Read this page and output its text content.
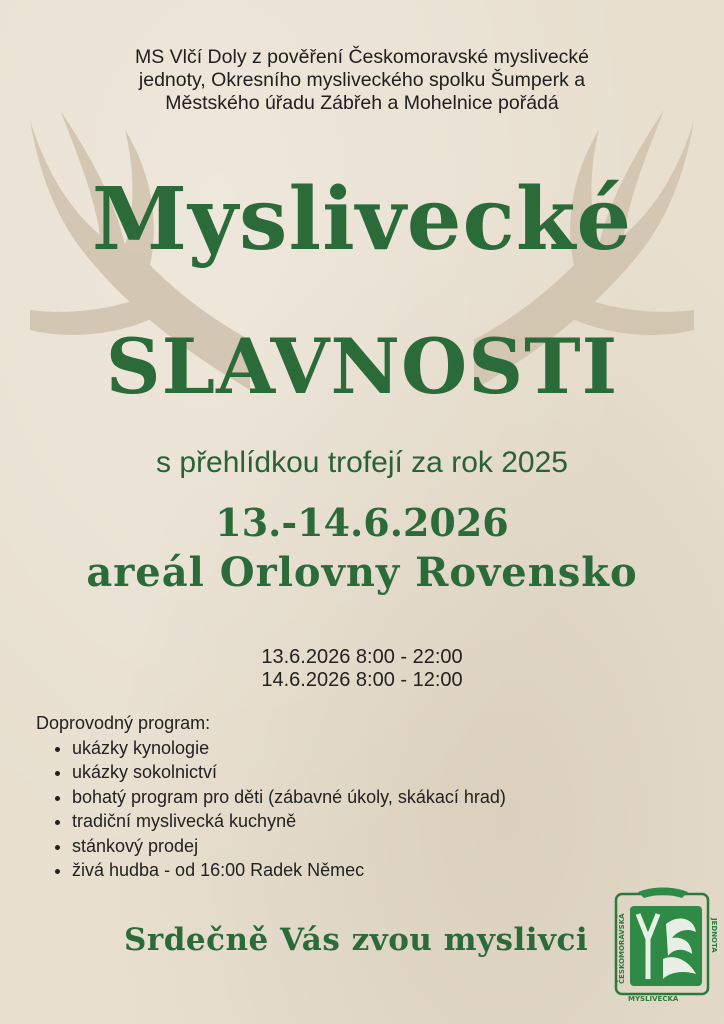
MS Vlčí Doly z pověření Českomoravské myslivecké
jednoty, Okresního mysliveckého spolku Šumperk a
Městského úřadu Zábřeh a Mohelnice pořádá
Myslivecké
SLAVNOSTI
s přehlídkou trofejí za rok 2025
13.-14.6.2026
areál Orlovny Rovensko
13.6.2026 8:00 - 22:00
14.6.2026 8:00 - 12:00
Doprovodný program:
• ukázky kynologie
• ukázky sokolnictví
• bohatý program pro děti (zábavné úkoly, skákací hrad)
• tradiční myslivecká kuchyně
• stánkový prodej
• živá hudba - od 16:00 Radek Němec
Srdečně Vás zvou myslivci	ČESKOMORAVSKÁ
MYSLIVECKÁ
JEDNOTA
